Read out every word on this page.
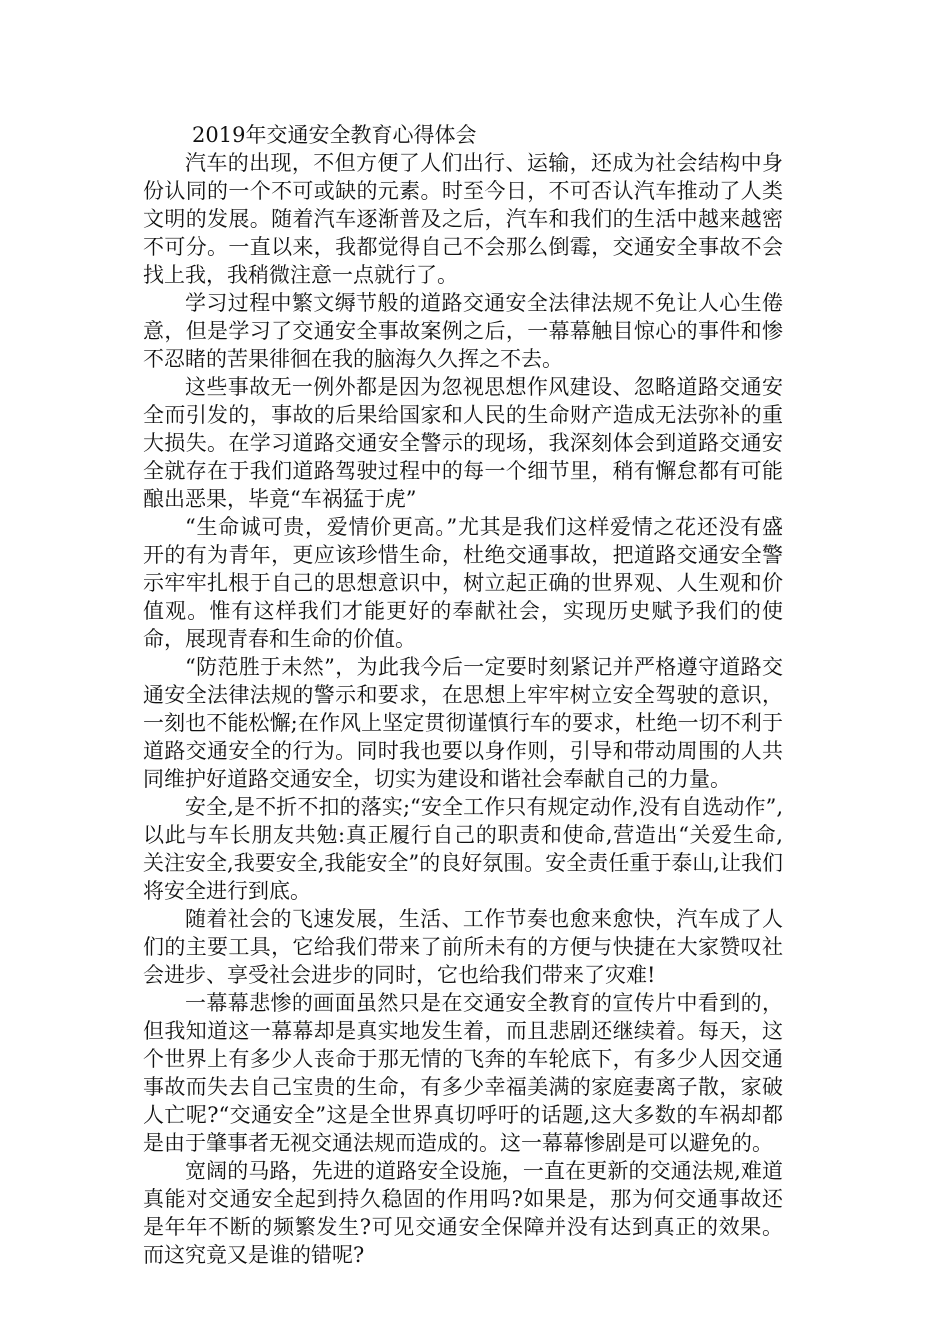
2019年交通安全教育心得体会

汽车的出现，不但方便了人们出行、运输，还成为社会结构中身份认同的一个不可或缺的元素。时至今日，不可否认汽车推动了人类文明的发展。随着汽车逐渐普及之后，汽车和我们的生活中越来越密不可分。一直以来，我都觉得自己不会那么倒霉，交通安全事故不会找上我，我稍微注意一点就行了。

学习过程中繁文缛节般的道路交通安全法律法规不免让人心生倦意，但是学习了交通安全事故案例之后，一幕幕触目惊心的事件和惨不忍睹的苦果徘徊在我的脑海久久挥之不去。

这些事故无一例外都是因为忽视思想作风建设、忽略道路交通安全而引发的，事故的后果给国家和人民的生命财产造成无法弥补的重大损失。在学习道路交通安全警示的现场，我深刻体会到道路交通安全就存在于我们道路驾驶过程中的每一个细节里，稍有懈怠都有可能酿出恶果，毕竟“车祸猛于虎”

“生命诚可贵，爱情价更高。”尤其是我们这样爱情之花还没有盛开的有为青年，更应该珍惜生命，杜绝交通事故，把道路交通安全警示牢牢扎根于自己的思想意识中，树立起正确的世界观、人生观和价值观。惟有这样我们才能更好的奉献社会，实现历史赋予我们的使命，展现青春和生命的价值。

“防范胜于未然”，为此我今后一定要时刻紧记并严格遵守道路交通安全法律法规的警示和要求，在思想上牢牢树立安全驾驶的意识，一刻也不能松懈;在作风上坚定贯彻谨慎行车的要求，杜绝一切不利于道路交通安全的行为。同时我也要以身作则，引导和带动周围的人共同维护好道路交通安全，切实为建设和谐社会奉献自己的力量。

安全,是不折不扣的落实;“安全工作只有规定动作,没有自选动作”,以此与车长朋友共勉:真正履行自己的职责和使命,营造出“关爱生命,关注安全,我要安全,我能安全”的良好氛围。安全责任重于泰山,让我们将安全进行到底。

随着社会的飞速发展，生活、工作节奏也愈来愈快，汽车成了人们的主要工具，它给我们带来了前所未有的方便与快捷在大家赞叹社会进步、享受社会进步的同时，它也给我们带来了灾难!

一幕幕悲惨的画面虽然只是在交通安全教育的宣传片中看到的，但我知道这一幕幕却是真实地发生着，而且悲剧还继续着。每天，这个世界上有多少人丧命于那无情的飞奔的车轮底下，有多少人因交通事故而失去自己宝贵的生命，有多少幸福美满的家庭妻离子散，家破人亡呢?“交通安全”这是全世界真切呼吁的话题,这大多数的车祸却都是由于肇事者无视交通法规而造成的。这一幕幕惨剧是可以避免的。

宽阔的马路，先进的道路安全设施，一直在更新的交通法规,难道真能对交通安全起到持久稳固的作用吗?如果是，那为何交通事故还是年年不断的频繁发生?可见交通安全保障并没有达到真正的效果。而这究竟又是谁的错呢?
